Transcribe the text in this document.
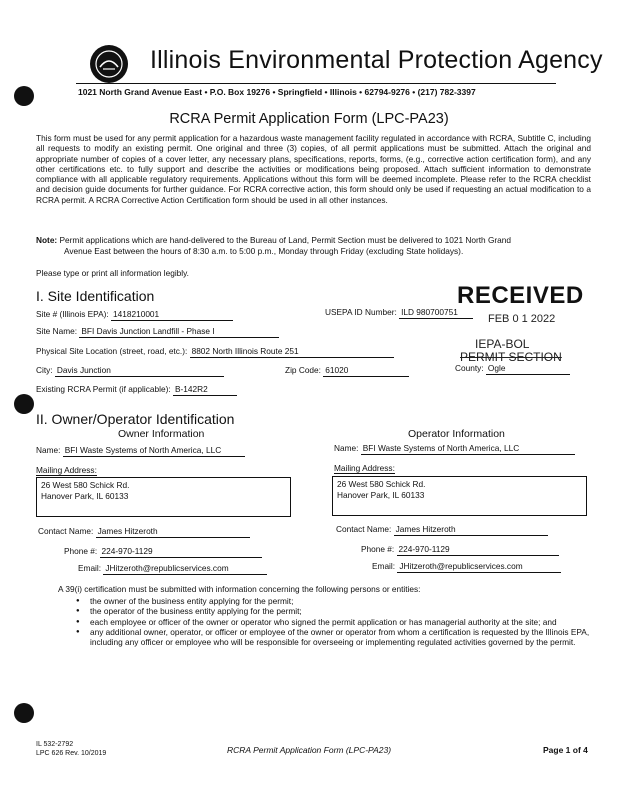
Illinois Environmental Protection Agency
1021 North Grand Avenue East • P.O. Box 19276 • Springfield • Illinois • 62794-9276 • (217) 782-3397
RCRA Permit Application Form (LPC-PA23)
This form must be used for any permit application for a hazardous waste management facility regulated in accordance with RCRA, Subtitle C, including all requests to modify an existing permit. One original and three (3) copies, of all permit applications must be submitted. Attach the original and appropriate number of copies of a cover letter, any necessary plans, specifications, reports, forms, (e.g., corrective action certification form), and any other certifications etc. to fully support and describe the activities or modifications being proposed. Attach sufficient information to demonstrate compliance with all applicable regulatory requirements. Applications without this form will be deemed incomplete. Please refer to the RCRA checklist and decision guide documents for further guidance. For RCRA corrective action, this form should only be used if requesting an actual modification to a RCRA permit. A RCRA Corrective Action Certification form should be used in all other instances.
Note: Permit applications which are hand-delivered to the Bureau of Land, Permit Section must be delivered to 1021 North Grand
Avenue East between the hours of 8:30 a.m. to 5:00 p.m., Monday through Friday (excluding State holidays).
Please type or print all information legibly.
I. Site Identification	RECEIVED
FEB 0 1 2022
IEPA-BOL
PERMIT SECTION
Site # (Illinois EPA): 1418210001	USEPA ID Number: ILD 980700751
Site Name: BFI Davis Junction Landfill - Phase I
Physical Site Location (street, road, etc.): 8802 North Illinois Route 251
City: Davis Junction	Zip Code: 61020	County: Ogle
Existing RCRA Permit (if applicable): B-142R2
II. Owner/Operator Identification
Owner Information	Operator Information
Name: BFI Waste Systems of North America, LLC	Name: BFI Waste Systems of North America, LLC
Mailing Address:	Mailing Address:
26 West 580 Schick Rd.
Hanover Park, IL 60133
26 West 580 Schick Rd.
Hanover Park, IL 60133
Contact Name: James Hitzeroth	Contact Name: James Hitzeroth
Phone #: 224-970-1129	Phone #: 224-970-1129
Email: JHitzeroth@republicservices.com	Email: JHitzeroth@republicservices.com
A 39(i) certification must be submitted with information concerning the following persons or entities:
● the owner of the business entity applying for the permit;
● the operator of the business entity applying for the permit;
● each employee or officer of the owner or operator who signed the permit application or has managerial authority at the site; and
● any additional owner, operator, or officer or employee of the owner or operator from whom a certification is requested by the Illinois EPA, including any officer or employee who will be responsible for overseeing or implementing regulated activities governed by the permit.
IL 532-2792
LPC 626 Rev. 10/2019	RCRA Permit Application Form (LPC-PA23)	Page 1 of 4
